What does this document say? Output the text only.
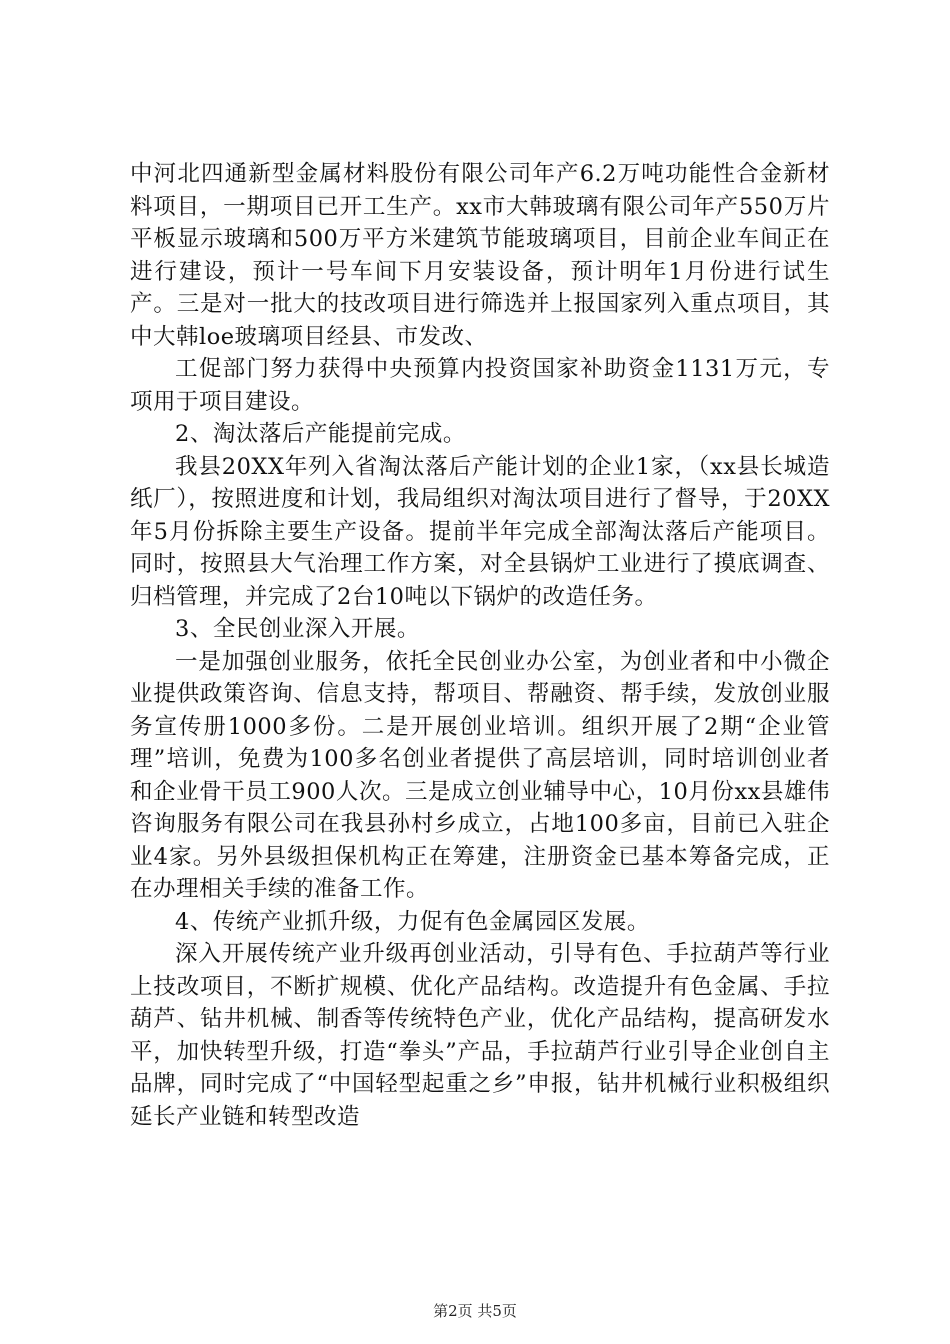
中河北四通新型金属材料股份有限公司年产6.2万吨功能性合金新材料项目，一期项目已开工生产。xx市大韩玻璃有限公司年产550万片平板显示玻璃和500万平方米建筑节能玻璃项目，目前企业车间正在进行建设，预计一号车间下月安装设备，预计明年1月份进行试生产。三是对一批大的技改项目进行筛选并上报国家列入重点项目，其中大韩loe玻璃项目经县、市发改、

工促部门努力获得中央预算内投资国家补助资金1131万元，专项用于项目建设。

2、淘汰落后产能提前完成。

我县20XX年列入省淘汰落后产能计划的企业1家，（xx县长城造纸厂），按照进度和计划，我局组织对淘汰项目进行了督导，于20XX年5月份拆除主要生产设备。提前半年完成全部淘汰落后产能项目。同时，按照县大气治理工作方案，对全县锅炉工业进行了摸底调查、归档管理，并完成了2台10吨以下锅炉的改造任务。

3、全民创业深入开展。

一是加强创业服务，依托全民创业办公室，为创业者和中小微企业提供政策咨询、信息支持，帮项目、帮融资、帮手续，发放创业服务宣传册1000多份。二是开展创业培训。组织开展了2期“企业管理”培训，免费为100多名创业者提供了高层培训，同时培训创业者和企业骨干员工900人次。三是成立创业辅导中心，10月份xx县雄伟咨询服务有限公司在我县孙村乡成立，占地100多亩，目前已入驻企业4家。另外县级担保机构正在筹建，注册资金已基本筹备完成，正在办理相关手续的准备工作。

4、传统产业抓升级，力促有色金属园区发展。

深入开展传统产业升级再创业活动，引导有色、手拉葫芦等行业上技改项目，不断扩规模、优化产品结构。改造提升有色金属、手拉葫芦、钻井机械、制香等传统特色产业，优化产品结构，提高研发水平，加快转型升级，打造“拳头”产品，手拉葫芦行业引导企业创自主品牌，同时完成了“中国轻型起重之乡”申报，钻井机械行业积极组织延长产业链和转型改造

第2页 共5页
